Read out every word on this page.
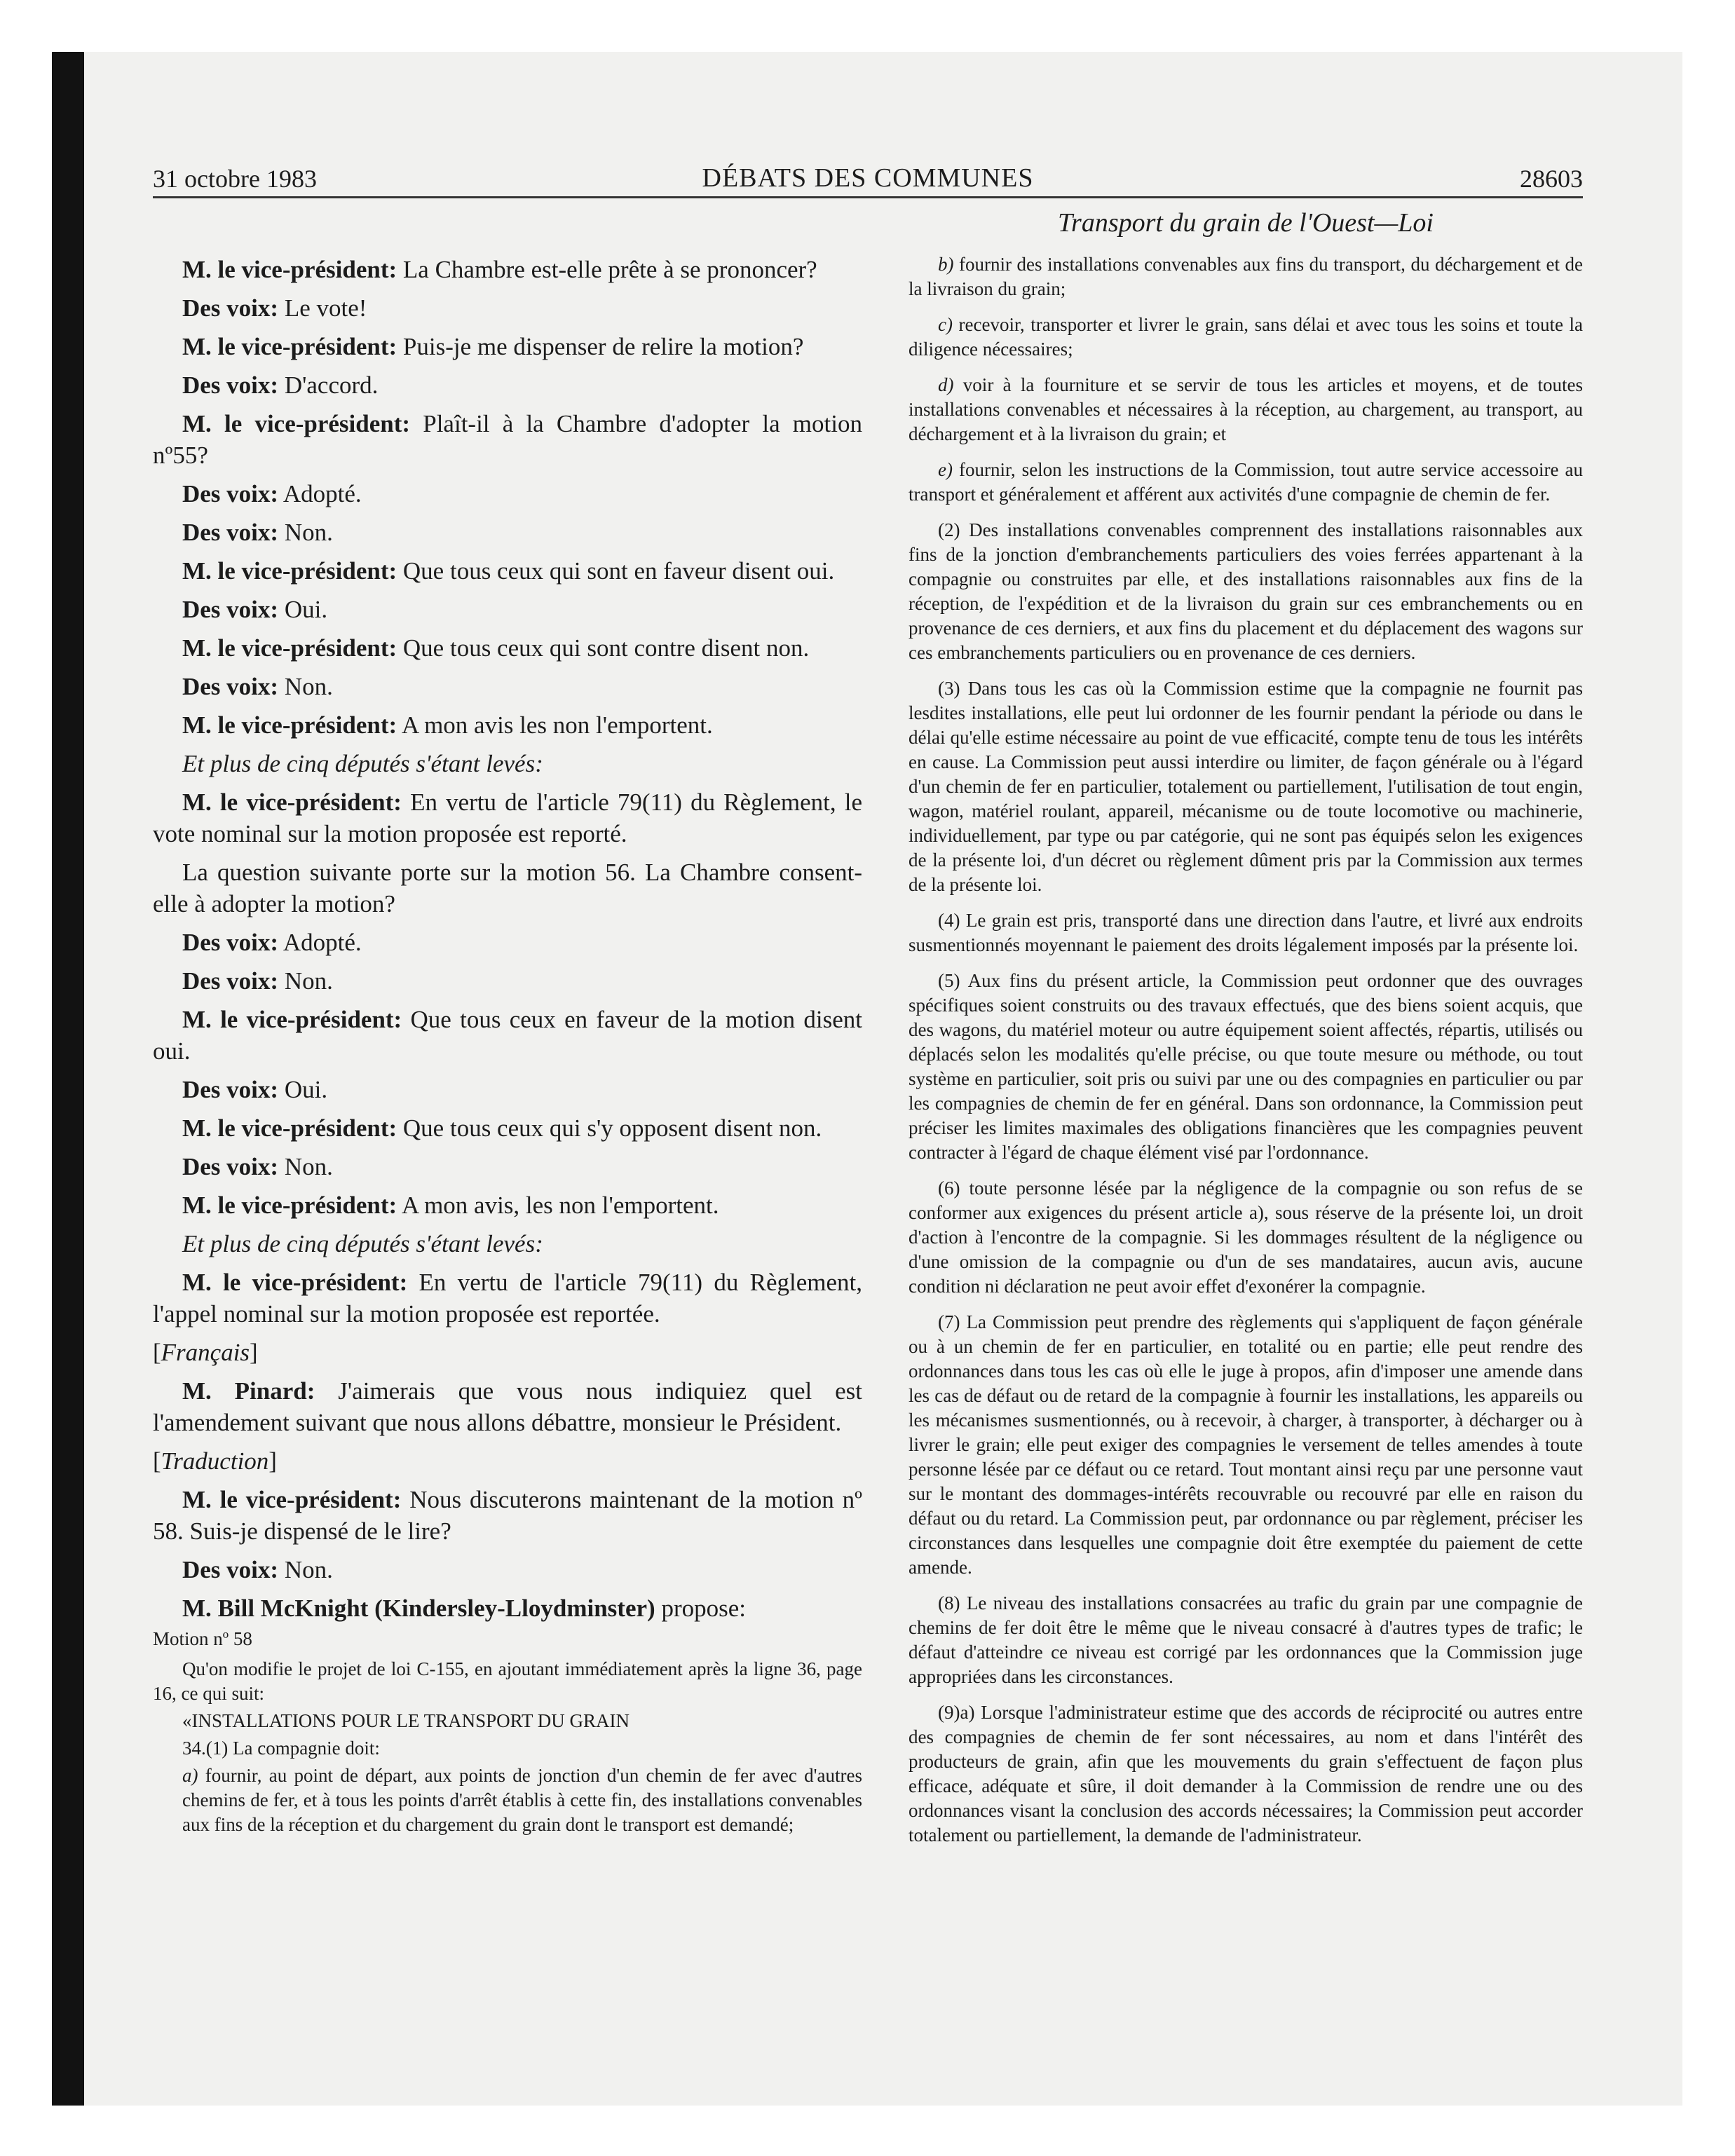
31 octobre 1983	DÉBATS DES COMMUNES	28603
Transport du grain de l'Ouest—Loi

M. le vice-président: La Chambre est-elle prête à se prononcer?

Des voix: Le vote!

M. le vice-président: Puis-je me dispenser de relire la motion?

Des voix: D'accord.

M. le vice-président: Plaît-il à la Chambre d'adopter la motion nº55?

Des voix: Adopté.

Des voix: Non.

M. le vice-président: Que tous ceux qui sont en faveur disent oui.

Des voix: Oui.

M. le vice-président: Que tous ceux qui sont contre disent non.

Des voix: Non.

M. le vice-président: A mon avis les non l'emportent.

Et plus de cinq députés s'étant levés:

M. le vice-président: En vertu de l'article 79(11) du Règlement, le vote nominal sur la motion proposée est reporté.

La question suivante porte sur la motion 56. La Chambre consent-elle à adopter la motion?

Des voix: Adopté.

Des voix: Non.

M. le vice-président: Que tous ceux en faveur de la motion disent oui.

Des voix: Oui.

M. le vice-président: Que tous ceux qui s'y opposent disent non.

Des voix: Non.

M. le vice-président: A mon avis, les non l'emportent.

Et plus de cinq députés s'étant levés:

M. le vice-président: En vertu de l'article 79(11) du Règlement, l'appel nominal sur la motion proposée est reportée.

[Français]

M. Pinard: J'aimerais que vous nous indiquiez quel est l'amendement suivant que nous allons débattre, monsieur le Président.

[Traduction]

M. le vice-président: Nous discuterons maintenant de la motion nº 58. Suis-je dispensé de le lire?

Des voix: Non.

M. Bill McKnight (Kindersley-Lloydminster) propose:

Motion nº 58

Qu'on modifie le projet de loi C-155, en ajoutant immédiatement après la ligne 36, page 16, ce qui suit:

«INSTALLATIONS POUR LE TRANSPORT DU GRAIN

34.(1) La compagnie doit:

a) fournir, au point de départ, aux points de jonction d'un chemin de fer avec d'autres chemins de fer, et à tous les points d'arrêt établis à cette fin, des installations convenables aux fins de la réception et du chargement du grain dont le transport est demandé;

b) fournir des installations convenables aux fins du transport, du déchargement et de la livraison du grain;

c) recevoir, transporter et livrer le grain, sans délai et avec tous les soins et toute la diligence nécessaires;

d) voir à la fourniture et se servir de tous les articles et moyens, et de toutes installations convenables et nécessaires à la réception, au chargement, au transport, au déchargement et à la livraison du grain; et

e) fournir, selon les instructions de la Commission, tout autre service accessoire au transport et généralement et afférent aux activités d'une compagnie de chemin de fer.

(2) Des installations convenables comprennent des installations raisonnables aux fins de la jonction d'embranchements particuliers des voies ferrées appartenant à la compagnie ou construites par elle, et des installations raisonnables aux fins de la réception, de l'expédition et de la livraison du grain sur ces embranchements ou en provenance de ces derniers, et aux fins du placement et du déplacement des wagons sur ces embranchements particuliers ou en provenance de ces derniers.

(3) Dans tous les cas où la Commission estime que la compagnie ne fournit pas lesdites installations, elle peut lui ordonner de les fournir pendant la période ou dans le délai qu'elle estime nécessaire au point de vue efficacité, compte tenu de tous les intérêts en cause. La Commission peut aussi interdire ou limiter, de façon générale ou à l'égard d'un chemin de fer en particulier, totalement ou partiellement, l'utilisation de tout engin, wagon, matériel roulant, appareil, mécanisme ou de toute locomotive ou machinerie, individuellement, par type ou par catégorie, qui ne sont pas équipés selon les exigences de la présente loi, d'un décret ou règlement dûment pris par la Commission aux termes de la présente loi.

(4) Le grain est pris, transporté dans une direction dans l'autre, et livré aux endroits susmentionnés moyennant le paiement des droits légalement imposés par la présente loi.

(5) Aux fins du présent article, la Commission peut ordonner que des ouvrages spécifiques soient construits ou des travaux effectués, que des biens soient acquis, que des wagons, du matériel moteur ou autre équipement soient affectés, répartis, utilisés ou déplacés selon les modalités qu'elle précise, ou que toute mesure ou méthode, ou tout système en particulier, soit pris ou suivi par une ou des compagnies en particulier ou par les compagnies de chemin de fer en général. Dans son ordonnance, la Commission peut préciser les limites maximales des obligations financières que les compagnies peuvent contracter à l'égard de chaque élément visé par l'ordonnance.

(6) toute personne lésée par la négligence de la compagnie ou son refus de se conformer aux exigences du présent article a), sous réserve de la présente loi, un droit d'action à l'encontre de la compagnie. Si les dommages résultent de la négligence ou d'une omission de la compagnie ou d'un de ses mandataires, aucun avis, aucune condition ni déclaration ne peut avoir effet d'exonérer la compagnie.

(7) La Commission peut prendre des règlements qui s'appliquent de façon générale ou à un chemin de fer en particulier, en totalité ou en partie; elle peut rendre des ordonnances dans tous les cas où elle le juge à propos, afin d'imposer une amende dans les cas de défaut ou de retard de la compagnie à fournir les installations, les appareils ou les mécanismes susmentionnés, ou à recevoir, à charger, à transporter, à décharger ou à livrer le grain; elle peut exiger des compagnies le versement de telles amendes à toute personne lésée par ce défaut ou ce retard. Tout montant ainsi reçu par une personne vaut sur le montant des dommages-intérêts recouvrable ou recouvré par elle en raison du défaut ou du retard. La Commission peut, par ordonnance ou par règlement, préciser les circonstances dans lesquelles une compagnie doit être exemptée du paiement de cette amende.

(8) Le niveau des installations consacrées au trafic du grain par une compagnie de chemins de fer doit être le même que le niveau consacré à d'autres types de trafic; le défaut d'atteindre ce niveau est corrigé par les ordonnances que la Commission juge appropriées dans les circonstances.

(9)a) Lorsque l'administrateur estime que des accords de réciprocité ou autres entre des compagnies de chemin de fer sont nécessaires, au nom et dans l'intérêt des producteurs de grain, afin que les mouvements du grain s'effectuent de façon plus efficace, adéquate et sûre, il doit demander à la Commission de rendre une ou des ordonnances visant la conclusion des accords nécessaires; la Commission peut accorder totalement ou partiellement, la demande de l'administrateur.
